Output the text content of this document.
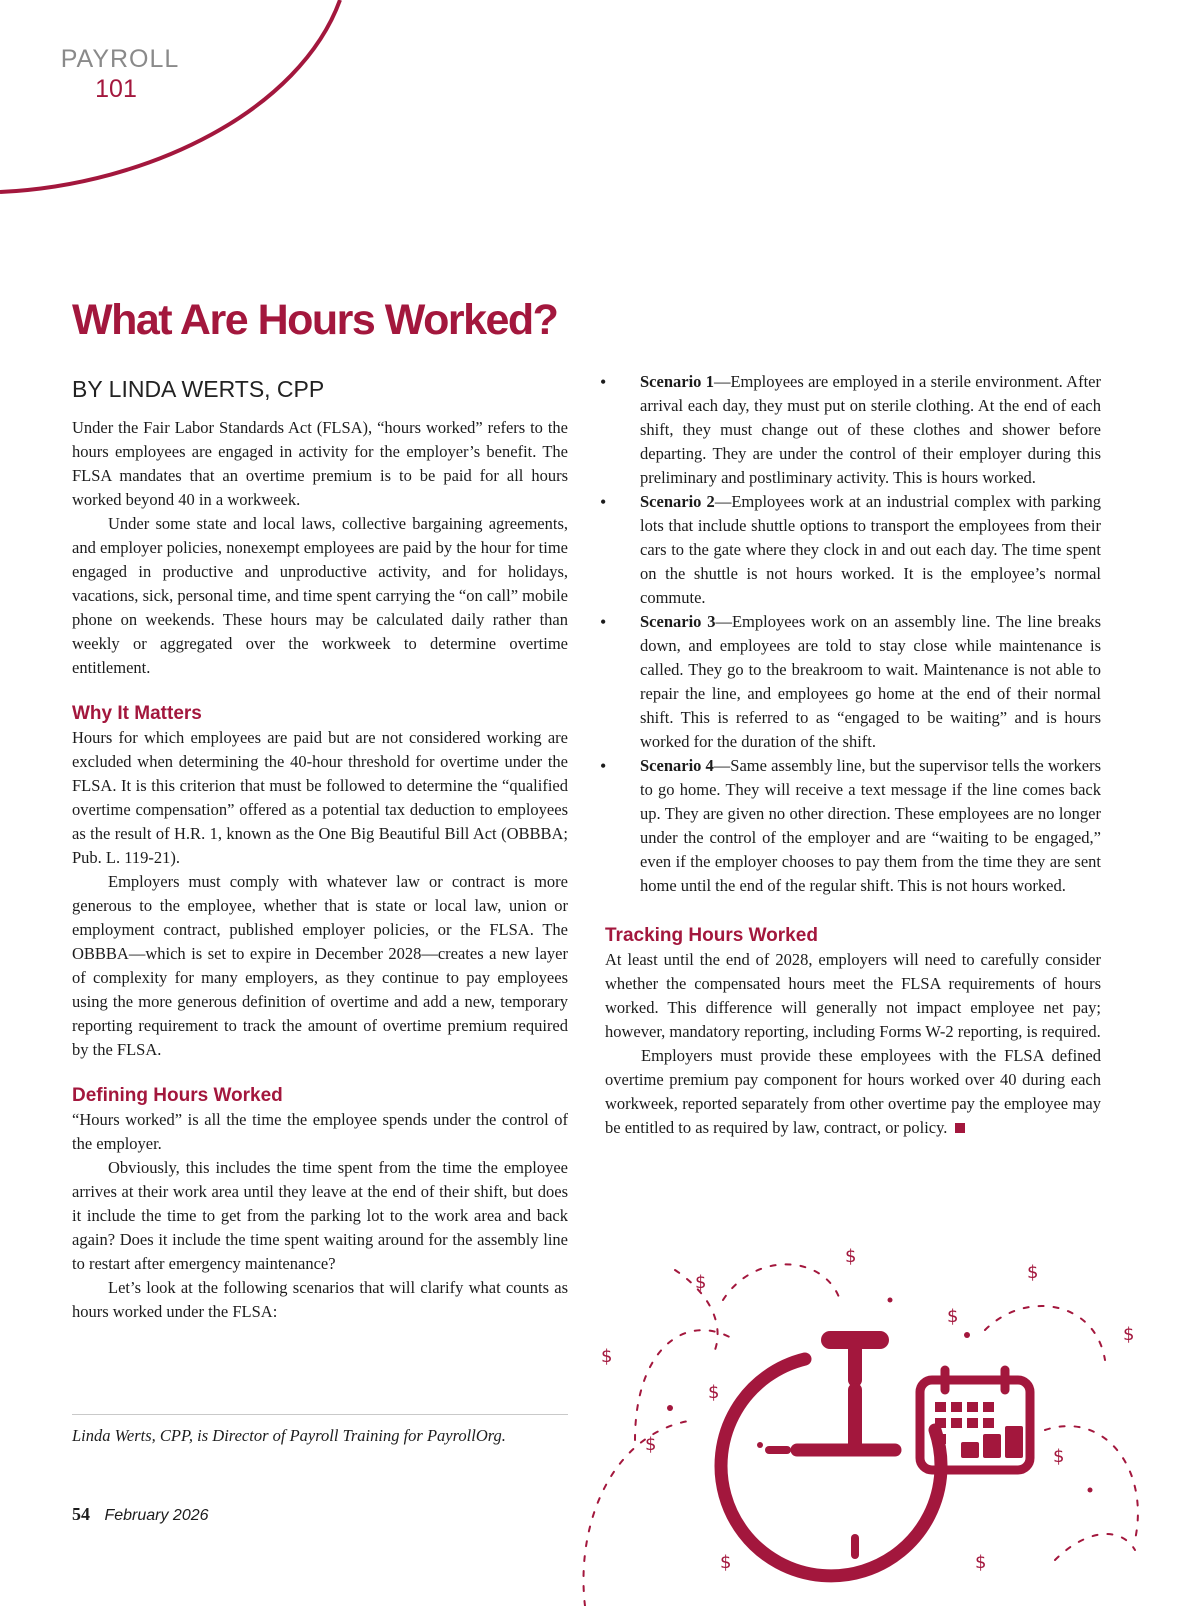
PAYROLL
101
What Are Hours Worked?
BY LINDA WERTS, CPP

Under the Fair Labor Standards Act (FLSA), “hours worked” refers to the hours employees are engaged in activity for the employer’s benefit. The FLSA mandates that an overtime premium is to be paid for all hours worked beyond 40 in a workweek.

Under some state and local laws, collective bargaining agreements, and employer policies, nonexempt employees are paid by the hour for time engaged in productive and unproductive activity, and for holidays, vacations, sick, personal time, and time spent carrying the “on call” mobile phone on weekends. These hours may be calculated daily rather than weekly or aggregated over the workweek to determine overtime entitlement.

Why It Matters

Hours for which employees are paid but are not considered working are excluded when determining the 40-hour threshold for overtime under the FLSA. It is this criterion that must be followed to determine the “qualified overtime compensation” offered as a potential tax deduction to employees as the result of H.R. 1, known as the One Big Beautiful Bill Act (OBBBA; Pub. L. 119-21).

Employers must comply with whatever law or contract is more generous to the employee, whether that is state or local law, union or employment contract, published employer policies, or the FLSA. The OBBBA—which is set to expire in December 2028—creates a new layer of complexity for many employers, as they continue to pay employees using the more generous definition of overtime and add a new, temporary reporting requirement to track the amount of overtime premium required by the FLSA.

Defining Hours Worked

“Hours worked” is all the time the employee spends under the control of the employer.

Obviously, this includes the time spent from the time the employee arrives at their work area until they leave at the end of their shift, but does it include the time to get from the parking lot to the work area and back again? Does it include the time spent waiting around for the assembly line to restart after emergency maintenance?

Let’s look at the following scenarios that will clarify what counts as hours worked under the FLSA:

Linda Werts, CPP, is Director of Payroll Training for PayrollOrg.

• Scenario 1—Employees are employed in a sterile environment. After arrival each day, they must put on sterile clothing. At the end of each shift, they must change out of these clothes and shower before departing. They are under the control of their employer during this preliminary and postliminary activity. This is hours worked.
• Scenario 2—Employees work at an industrial complex with parking lots that include shuttle options to transport the employees from their cars to the gate where they clock in and out each day. The time spent on the shuttle is not hours worked. It is the employee’s normal commute.
• Scenario 3—Employees work on an assembly line. The line breaks down, and employees are told to stay close while maintenance is called. They go to the breakroom to wait. Maintenance is not able to repair the line, and employees go home at the end of their normal shift. This is referred to as “engaged to be waiting” and is hours worked for the duration of the shift.
• Scenario 4—Same assembly line, but the supervisor tells the workers to go home. They will receive a text message if the line comes back up. They are given no other direction. These employees are no longer under the control of the employer and are “waiting to be engaged,” even if the employer chooses to pay them from the time they are sent home until the end of the regular shift. This is not hours worked.
Tracking Hours Worked

At least until the end of 2028, employers will need to carefully consider whether the compensated hours meet the FLSA requirements of hours worked. This difference will generally not impact employee net pay; however, mandatory reporting, including Forms W-2 reporting, is required.

Employers must provide these employees with the FLSA defined overtime premium pay component for hours worked over 40 during each workweek, reported separately from other overtime pay the employee may be entitled to as required by law, contract, or policy.

$
$	$
$
$
$
$
$
$
$	$
54 February 2026
